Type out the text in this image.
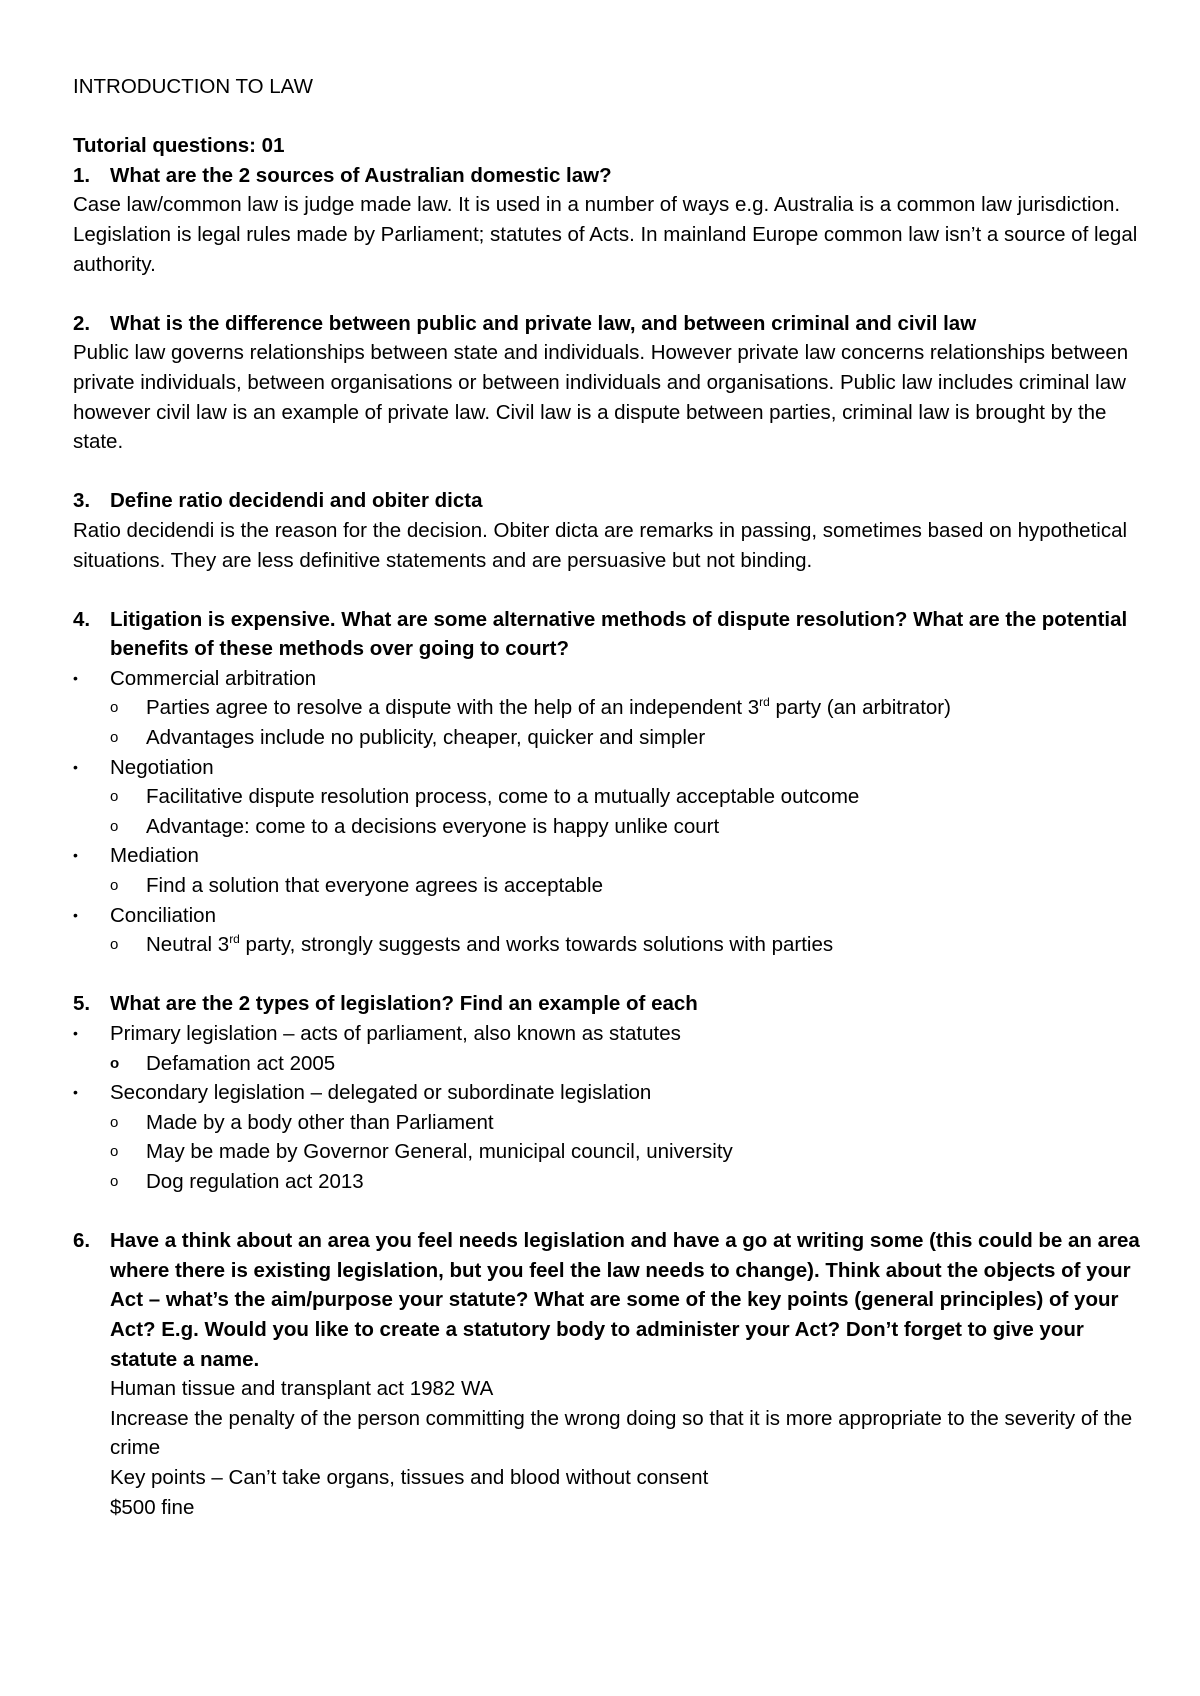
INTRODUCTION TO LAW
Tutorial questions: 01
1. What are the 2 sources of Australian domestic law?

Case law/common law is judge made law. It is used in a number of ways e.g. Australia is a common law jurisdiction. Legislation is legal rules made by Parliament; statutes of Acts. In mainland Europe common law isn’t a source of legal authority.

2. What is the difference between public and private law, and between criminal and civil law

Public law governs relationships between state and individuals. However private law concerns relationships between private individuals, between organisations or between individuals and organisations. Public law includes criminal law however civil law is an example of private law. Civil law is a dispute between parties, criminal law is brought by the state.

3. Define ratio decidendi and obiter dicta

Ratio decidendi is the reason for the decision. Obiter dicta are remarks in passing, sometimes based on hypothetical situations. They are less definitive statements and are persuasive but not binding.

4. Litigation is expensive. What are some alternative methods of dispute resolution? What are the potential benefits of these methods over going to court?
•	Commercial arbitration
o	Parties agree to resolve a dispute with the help of an independent 3rd party (an arbitrator)
o	Advantages include no publicity, cheaper, quicker and simpler
•	Negotiation
o	Facilitative dispute resolution process, come to a mutually acceptable outcome
o	Advantage: come to a decisions everyone is happy unlike court
•	Mediation
o	Find a solution that everyone agrees is acceptable
•	Conciliation
o	Neutral 3rd party, strongly suggests and works towards solutions with parties
5. What are the 2 types of legislation? Find an example of each
•	Primary legislation – acts of parliament, also known as statutes
o	Defamation act 2005
•	Secondary legislation – delegated or subordinate legislation
o	Made by a body other than Parliament
o	May be made by Governor General, municipal council, university
o	Dog regulation act 2013
6. Have a think about an area you feel needs legislation and have a go at writing some (this could be an area where there is existing legislation, but you feel the law needs to change). Think about the objects of your Act – what’s the aim/purpose your statute? What are some of the key points (general principles) of your Act? E.g. Would you like to create a statutory body to administer your Act? Don’t forget to give your statute a name.
Human tissue and transplant act 1982 WA
Increase the penalty of the person committing the wrong doing so that it is more appropriate to the severity of the crime
Key points – Can’t take organs, tissues and blood without consent
$500 fine
